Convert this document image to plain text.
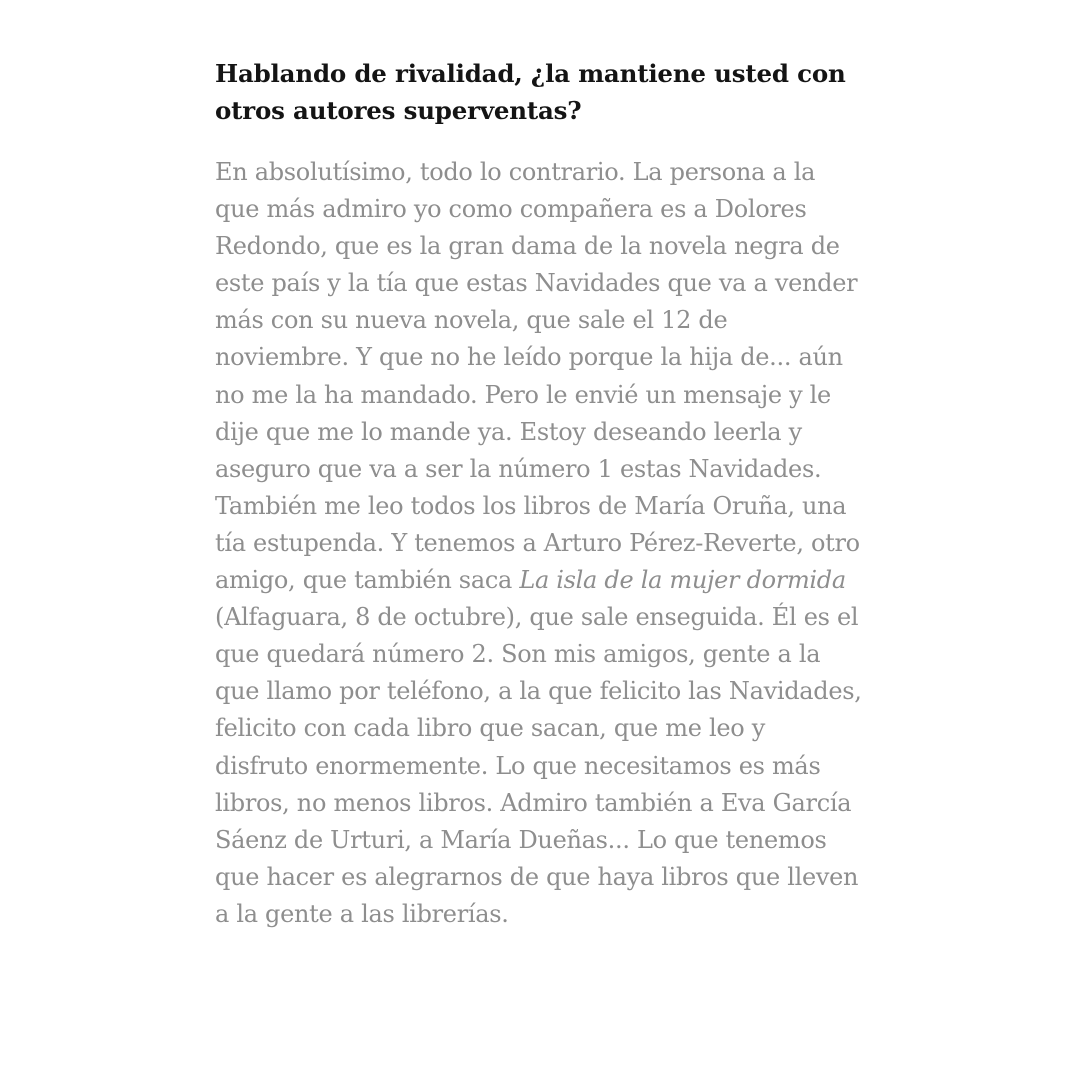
Hablando de rivalidad, ¿la mantiene usted con otros autores superventas?

En absolutísimo, todo lo contrario. La persona a la que más admiro yo como compañera es a Dolores Redondo, que es la gran dama de la novela negra de este país y la tía que estas Navidades que va a vender más con su nueva novela, que sale el 12 de noviembre. Y que no he leído porque la hija de... aún no me la ha mandado. Pero le envié un mensaje y le dije que me lo mande ya. Estoy deseando leerla y aseguro que va a ser la número 1 estas Navidades. También me leo todos los libros de María Oruña, una tía estupenda. Y tenemos a Arturo Pérez-Reverte, otro amigo, que también saca La isla de la mujer dormida (Alfaguara, 8 de octubre), que sale enseguida. Él es el que quedará número 2. Son mis amigos, gente a la que llamo por teléfono, a la que felicito las Navidades, felicito con cada libro que sacan, que me leo y disfruto enormemente. Lo que necesitamos es más libros, no menos libros. Admiro también a Eva García Sáenz de Urturi, a María Dueñas... Lo que tenemos que hacer es alegrarnos de que haya libros que lleven a la gente a las librerías.
